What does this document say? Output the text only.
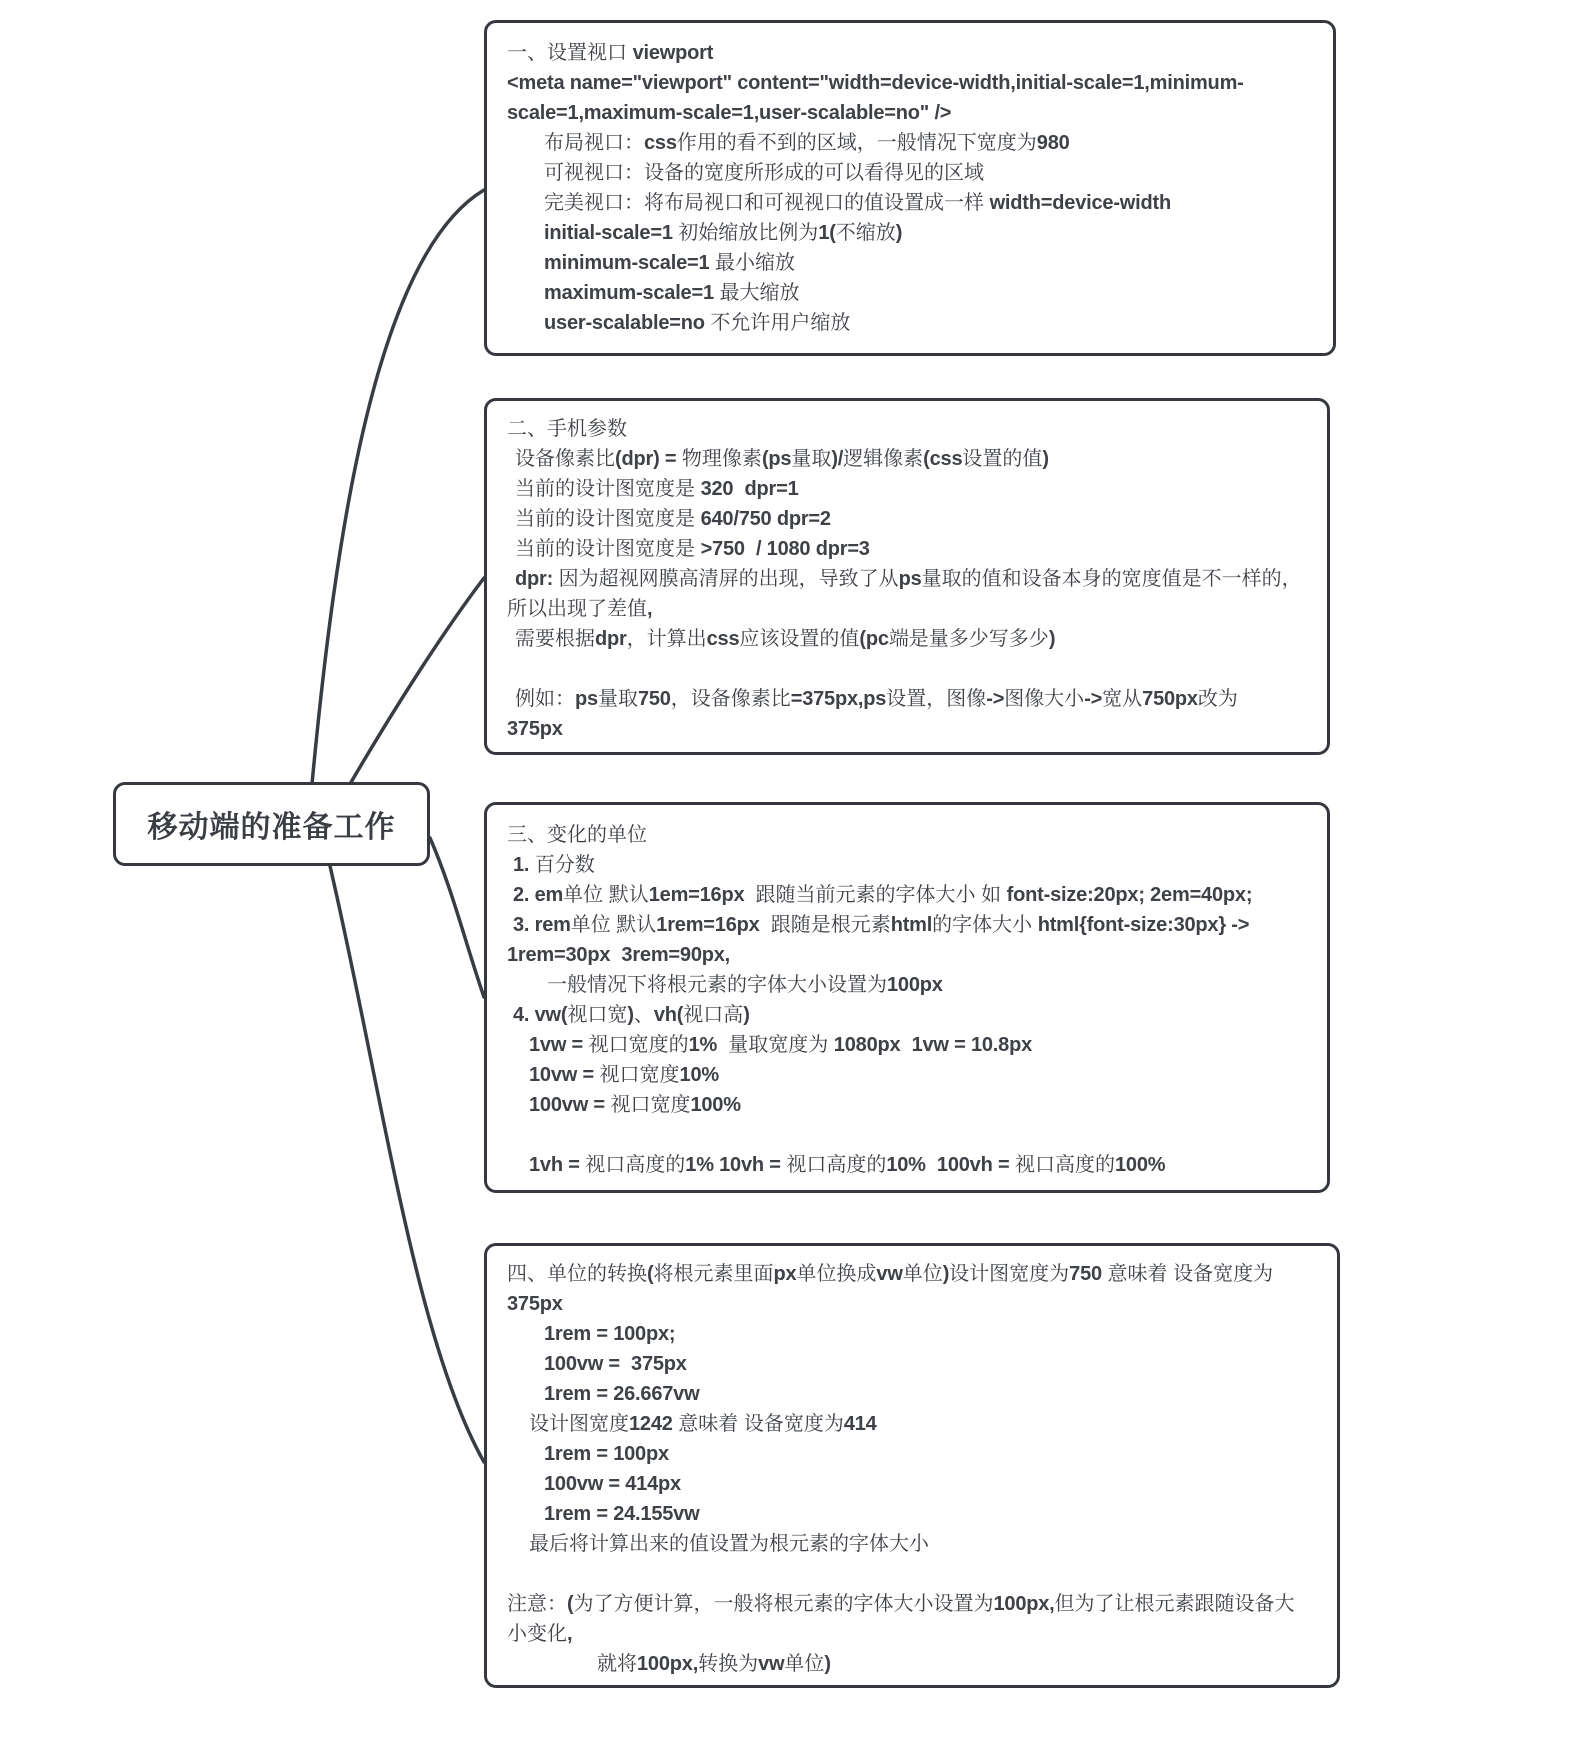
移动端的准备工作
一、设置视口 viewport
<meta name="viewport" content="width=device-width,initial-scale=1,minimum-
scale=1,maximum-scale=1,user-scalable=no" />
布局视口：css作用的看不到的区域，一般情况下宽度为980
可视视口：设备的宽度所形成的可以看得见的区域
完美视口：将布局视口和可视视口的值设置成一样 width=device-width
initial-scale=1 初始缩放比例为1(不缩放)
minimum-scale=1 最小缩放
maximum-scale=1 最大缩放
user-scalable=no 不允许用户缩放
二、手机参数
设备像素比(dpr) = 物理像素(ps量取)/逻辑像素(css设置的值)
当前的设计图宽度是 320 dpr=1
当前的设计图宽度是 640/750 dpr=2
当前的设计图宽度是 >750 / 1080 dpr=3
dpr: 因为超视网膜高清屏的出现，导致了从ps量取的值和设备本身的宽度值是不一样的，
所以出现了差值,
需要根据dpr，计算出css应该设置的值(pc端是量多少写多少)

例如：ps量取750，设备像素比=375px,ps设置，图像->图像大小->宽从750px改为
375px
三、变化的单位
1. 百分数
2. em单位 默认1em=16px  跟随当前元素的字体大小 如 font-size:20px; 2em=40px;
3. rem单位 默认1rem=16px  跟随是根元素html的字体大小 html{font-size:30px} ->
1rem=30px 3rem=90px,
一般情况下将根元素的字体大小设置为100px
4. vw(视口宽)、vh(视口高)
1vw = 视口宽度的1%  量取宽度为 1080px 1vw = 10.8px
10vw = 视口宽度10%
100vw = 视口宽度100%

1vh = 视口高度的1% 10vh = 视口高度的10% 100vh = 视口高度的100%
四、单位的转换(将根元素里面px单位换成vw单位)设计图宽度为750 意味着 设备宽度为
375px
1rem = 100px;
100vw = 375px
1rem = 26.667vw
设计图宽度1242 意味着 设备宽度为414
1rem = 100px
100vw = 414px
1rem = 24.155vw
最后将计算出来的值设置为根元素的字体大小

注意：(为了方便计算，一般将根元素的字体大小设置为100px,但为了让根元素跟随设备大
小变化,
就将100px,转换为vw单位)
